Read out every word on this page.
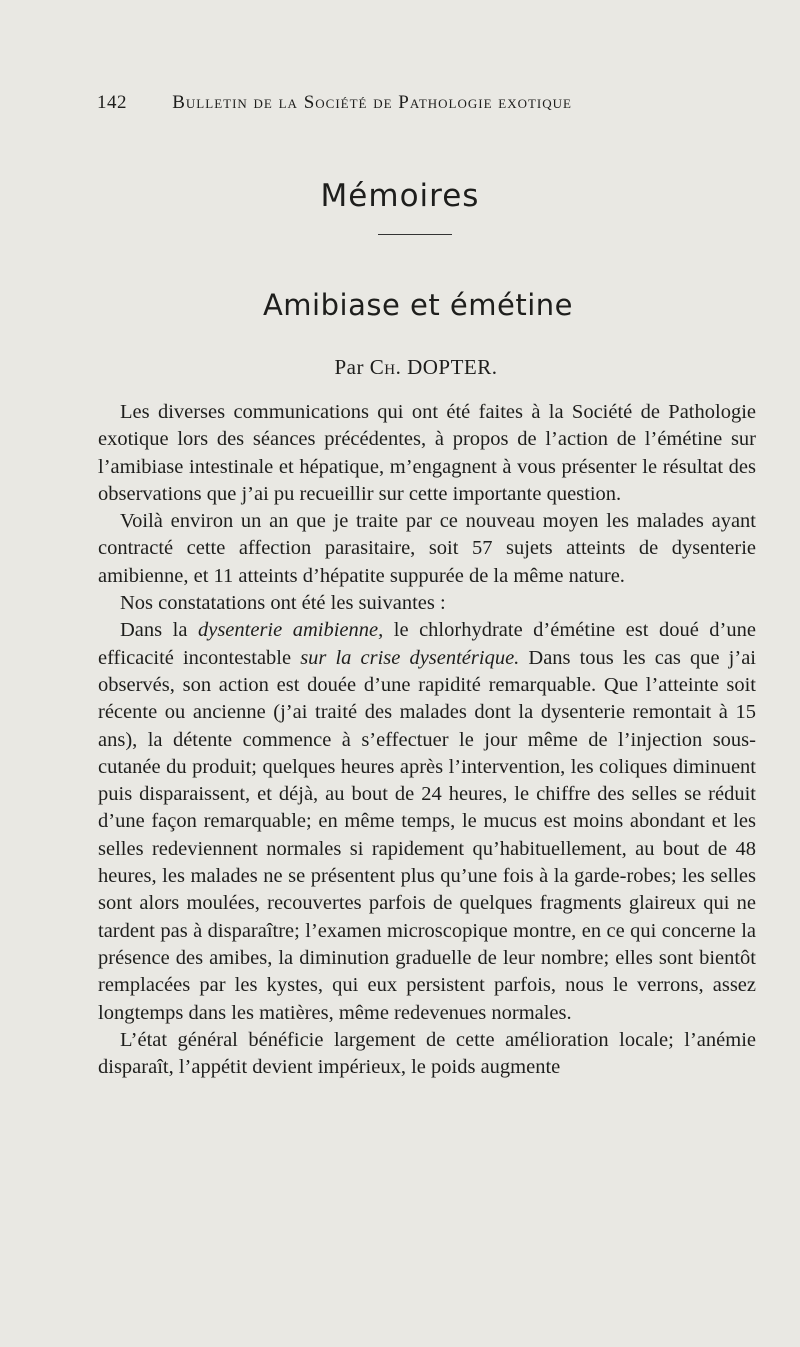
142 Bulletin de la Société de Pathologie exotique
Mémoires
Amibiase et émétine
Par Ch. DOPTER.

Les diverses communications qui ont été faites à la Société de Pathologie exotique lors des séances précédentes, à propos de l’action de l’émétine sur l’amibiase intestinale et hépatique, m’engagnent à vous présenter le résultat des observations que j’ai pu recueillir sur cette importante question.

Voilà environ un an que je traite par ce nouveau moyen les malades ayant contracté cette affection parasitaire, soit 57 sujets atteints de dysenterie amibienne, et 11 atteints d’hépatite suppurée de la même nature.

Nos constatations ont été les suivantes :

Dans la dysenterie amibienne, le chlorhydrate d’émétine est doué d’une efficacité incontestable sur la crise dysentérique. Dans tous les cas que j’ai observés, son action est douée d’une rapidité remarquable. Que l’atteinte soit récente ou ancienne (j’ai traité des malades dont la dysenterie remontait à 15 ans), la détente commence à s’effectuer le jour même de l’injection sous-cutanée du produit; quelques heures après l’intervention, les coliques diminuent puis disparaissent, et déjà, au bout de 24 heures, le chiffre des selles se réduit d’une façon remarquable; en même temps, le mucus est moins abondant et les selles redeviennent normales si rapidement qu’habituellement, au bout de 48 heures, les malades ne se présentent plus qu’une fois à la garde-robes; les selles sont alors moulées, recouvertes parfois de quelques fragments glaireux qui ne tardent pas à disparaître; l’examen microscopique montre, en ce qui concerne la présence des amibes, la diminution graduelle de leur nombre; elles sont bientôt remplacées par les kystes, qui eux persistent parfois, nous le verrons, assez longtemps dans les matières, même redevenues normales.

L’état général bénéficie largement de cette amélioration locale; l’anémie disparaît, l’appétit devient impérieux, le poids augmente
